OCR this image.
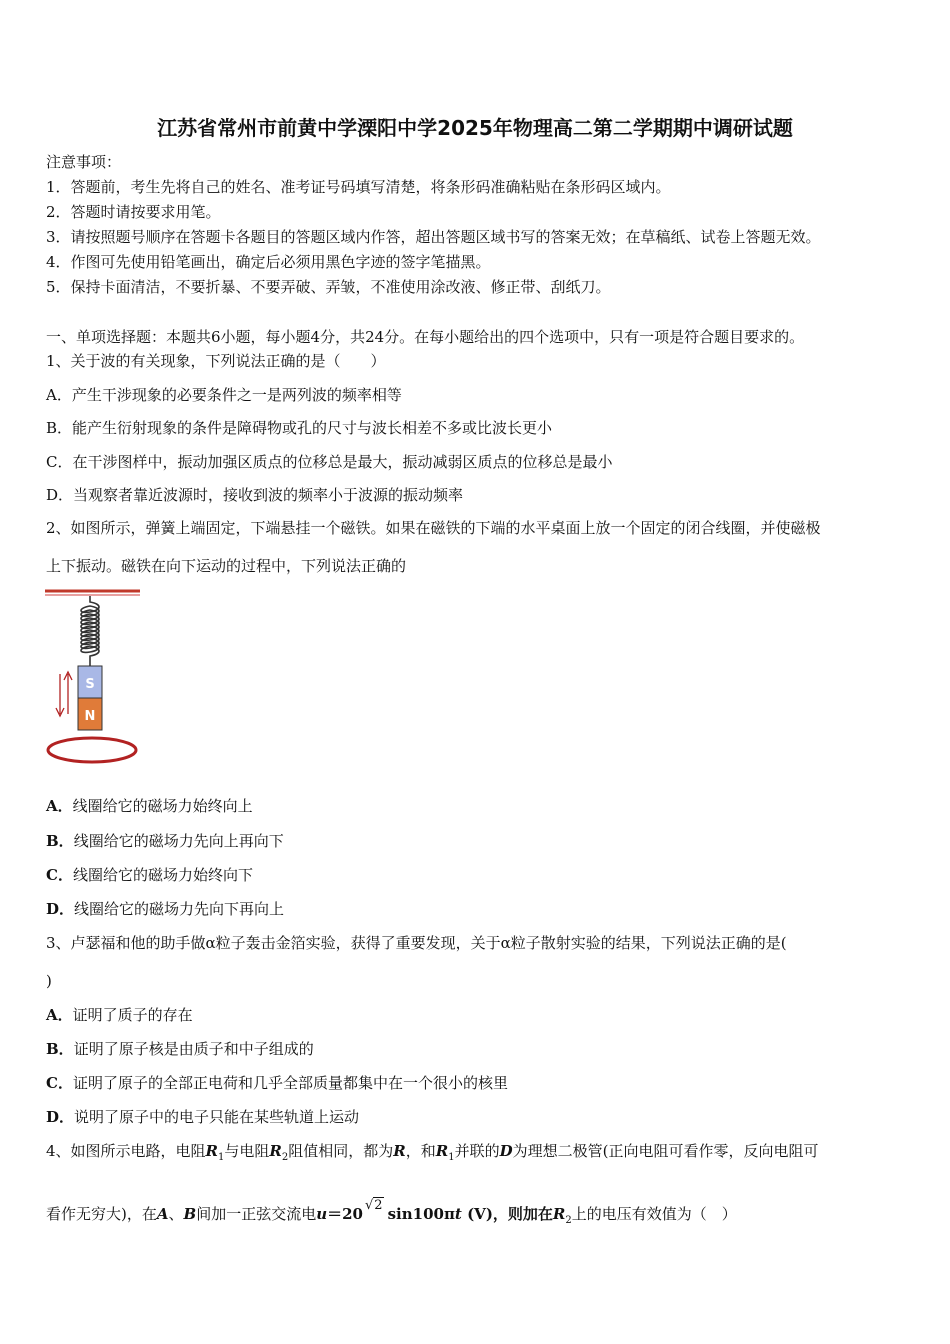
江苏省常州市前黄中学溧阳中学2025年物理高二第二学期期中调研试题
注意事项：
1．答题前，考生先将自己的姓名、准考证号码填写清楚，将条形码准确粘贴在条形码区域内。
2．答题时请按要求用笔。
3．请按照题号顺序在答题卡各题目的答题区域内作答，超出答题区域书写的答案无效；在草稿纸、试卷上答题无效。
4．作图可先使用铅笔画出，确定后必须用黑色字迹的签字笔描黑。
5．保持卡面清洁，不要折暴、不要弄破、弄皱，不准使用涂改液、修正带、刮纸刀。
一、单项选择题：本题共6小题，每小题4分，共24分。在每小题给出的四个选项中，只有一项是符合题目要求的。
1、关于波的有关现象，下列说法正确的是（　　）
A．产生干涉现象的必要条件之一是两列波的频率相等
B．能产生衍射现象的条件是障碍物或孔的尺寸与波长相差不多或比波长更小
C．在干涉图样中，振动加强区质点的位移总是最大，振动减弱区质点的位移总是最小
D．当观察者靠近波源时，接收到波的频率小于波源的振动频率
2、如图所示，弹簧上端固定，下端悬挂一个磁铁。如果在磁铁的下端的水平桌面上放一个固定的闭合线圈，并使磁极
上下振动。磁铁在向下运动的过程中，下列说法正确的
S
N
A．线圈给它的磁场力始终向上
B．线圈给它的磁场力先向上再向下
C．线圈给它的磁场力始终向下
D．线圈给它的磁场力先向下再向上
3、卢瑟福和他的助手做α粒子轰击金箔实验，获得了重要发现，关于α粒子散射实验的结果，下列说法正确的是(
)
A．证明了质子的存在
B．证明了原子核是由质子和中子组成的
C．证明了原子的全部正电荷和几乎全部质量都集中在一个很小的核里
D．说明了原子中的电子只能在某些轨道上运动
4、如图所示电路，电阻$R_1$与电阻$R_2$阻值相同，都为R，和$R_1$并联的D为理想二极管(正向电阻可看作零，反向电阻可
看作无穷大)，在A、B间加一正弦交流电u＝20 √2 sin100πt (V)，则加在$R_2$上的电压有效值为（　）
